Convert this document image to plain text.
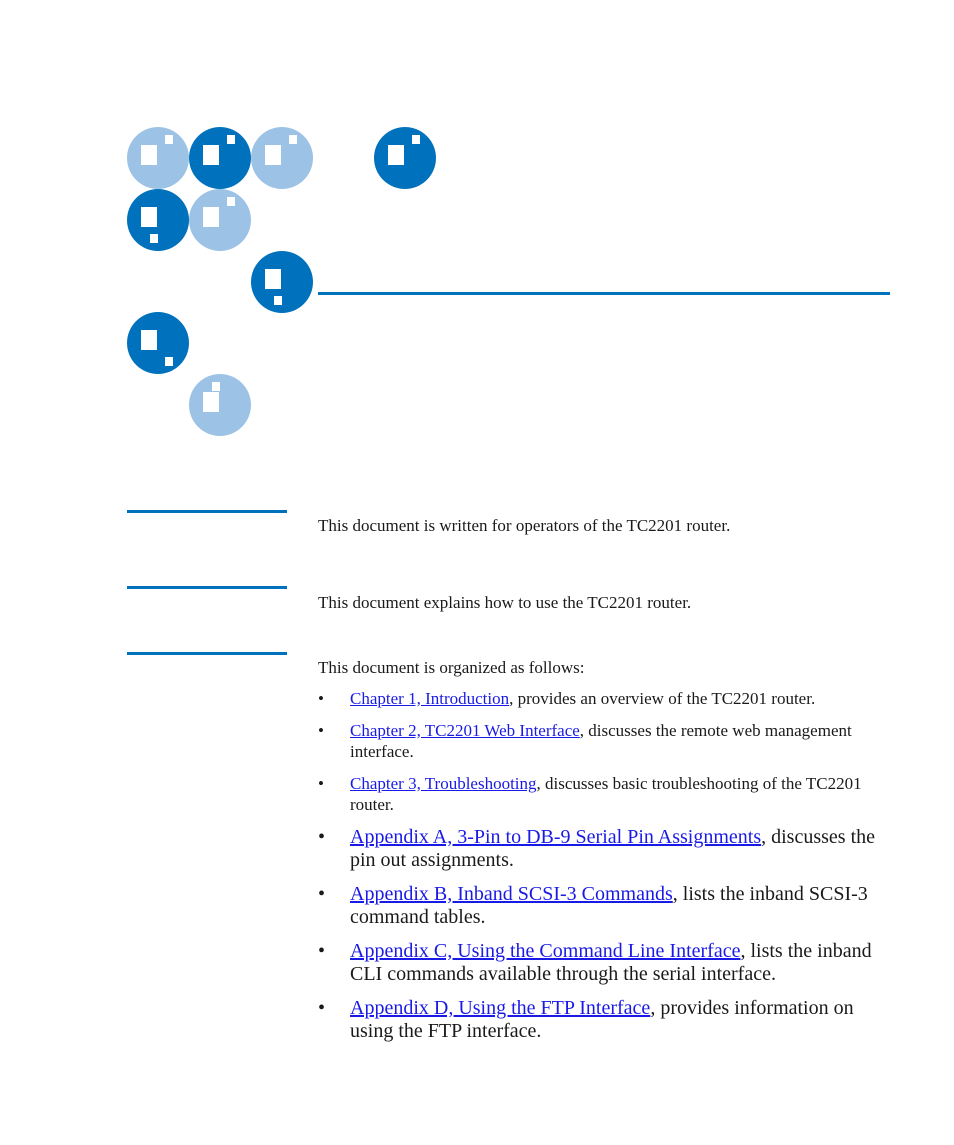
This document is written for operators of the TC2201 router.

This document explains how to use the TC2201 router.

This document is organized as follows:

• Chapter 1, Introduction, provides an overview of the TC2201 router.
• Chapter 2, TC2201 Web Interface, discusses the remote web management interface.
• Chapter 3, Troubleshooting, discusses basic troubleshooting of the TC2201 router.
• Appendix A, 3-Pin to DB-9 Serial Pin Assignments, discusses the pin out assignments.
• Appendix B, Inband SCSI-3 Commands, lists the inband SCSI-3 command tables.
• Appendix C, Using the Command Line Interface, lists the inband CLI commands available through the serial interface.
• Appendix D, Using the FTP Interface, provides information on using the FTP interface.
